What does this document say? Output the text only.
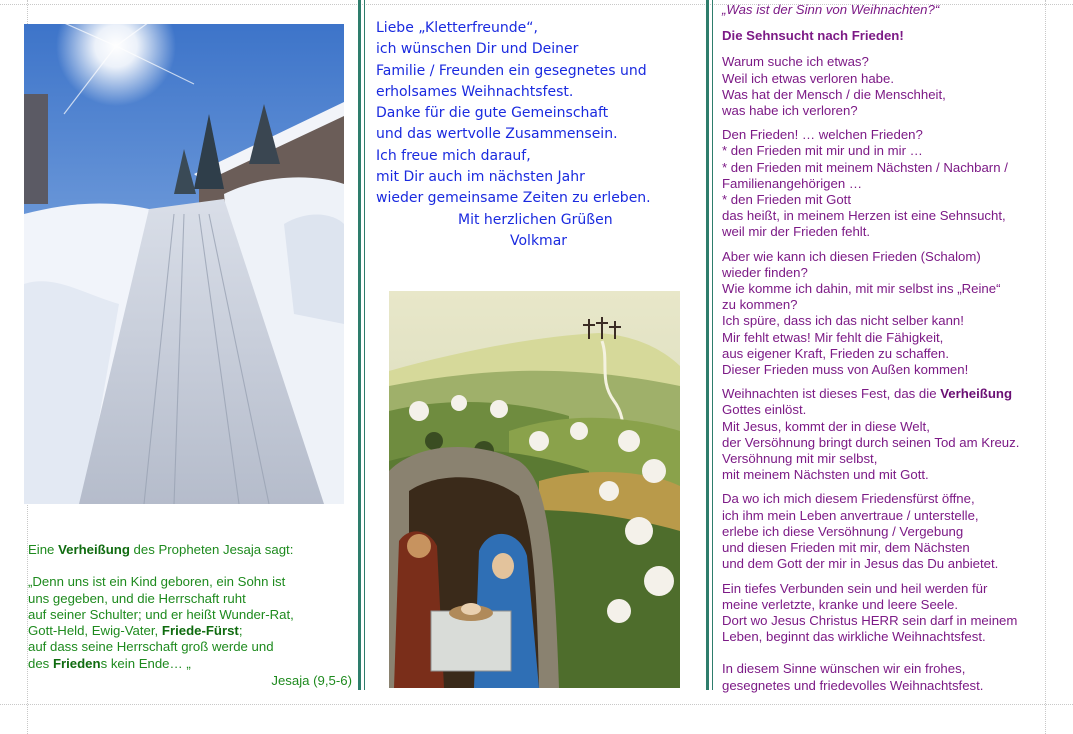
Eine Verheißung des Propheten Jesaja sagt:

„Denn uns ist ein Kind geboren, ein Sohn ist

uns gegeben, und die Herrschaft ruht

auf seiner Schulter; und er heißt Wunder-Rat,

Gott-Held, Ewig-Vater, Friede-Fürst;

auf dass seine Herrschaft groß werde und

des Friedens kein Ende… „

Jesaja (9,5-6)

Liebe „Kletterfreunde“,
ich wünschen Dir und Deiner
Familie / Freunden ein gesegnetes und
erholsames Weihnachtsfest.
Danke für die gute Gemeinschaft
und das wertvolle Zusammensein.
Ich freue mich darauf,
mit Dir auch im nächsten Jahr
wieder gemeinsame Zeiten zu erleben.
Mit herzlichen Grüßen
Volkmar

„Was ist der Sinn von Weihnachten?“

Die Sehnsucht nach Frieden!

Warum suche ich etwas?
Weil ich etwas verloren habe.
Was hat der Mensch / die Menschheit,
was habe ich verloren?

Den Frieden! … welchen Frieden?
* den Frieden mit mir und in mir …
* den Frieden mit meinem Nächsten / Nachbarn /
Familienangehörigen …
* den Frieden mit Gott
das heißt, in meinem Herzen ist eine Sehnsucht,
weil mir der Frieden fehlt.

Aber wie kann ich diesen Frieden (Schalom)
wieder finden?
Wie komme ich dahin, mit mir selbst ins „Reine“
zu kommen?
Ich spüre, dass ich das nicht selber kann!
Mir fehlt etwas! Mir fehlt die Fähigkeit,
aus eigener Kraft, Frieden zu schaffen.
Dieser Frieden muss von Außen kommen!

Weihnachten ist dieses Fest, das die Verheißung
Gottes einlöst.
Mit Jesus, kommt der in diese Welt,
der Versöhnung bringt durch seinen Tod am Kreuz.
Versöhnung mit mir selbst,
mit meinem Nächsten und mit Gott.

Da wo ich mich diesem Friedensfürst öffne,
ich ihm mein Leben anvertraue / unterstelle,
erlebe ich diese Versöhnung / Vergebung
und diesen Frieden mit mir, dem Nächsten
und dem Gott der mir in Jesus das Du anbietet.

Ein tiefes Verbunden sein und heil werden für
meine verletzte, kranke und leere Seele.
Dort wo Jesus Christus HERR sein darf in meinem
Leben, beginnt das wirkliche Weihnachtsfest.

In diesem Sinne wünschen wir ein frohes,
gesegnetes und friedevolles Weihnachtsfest.
